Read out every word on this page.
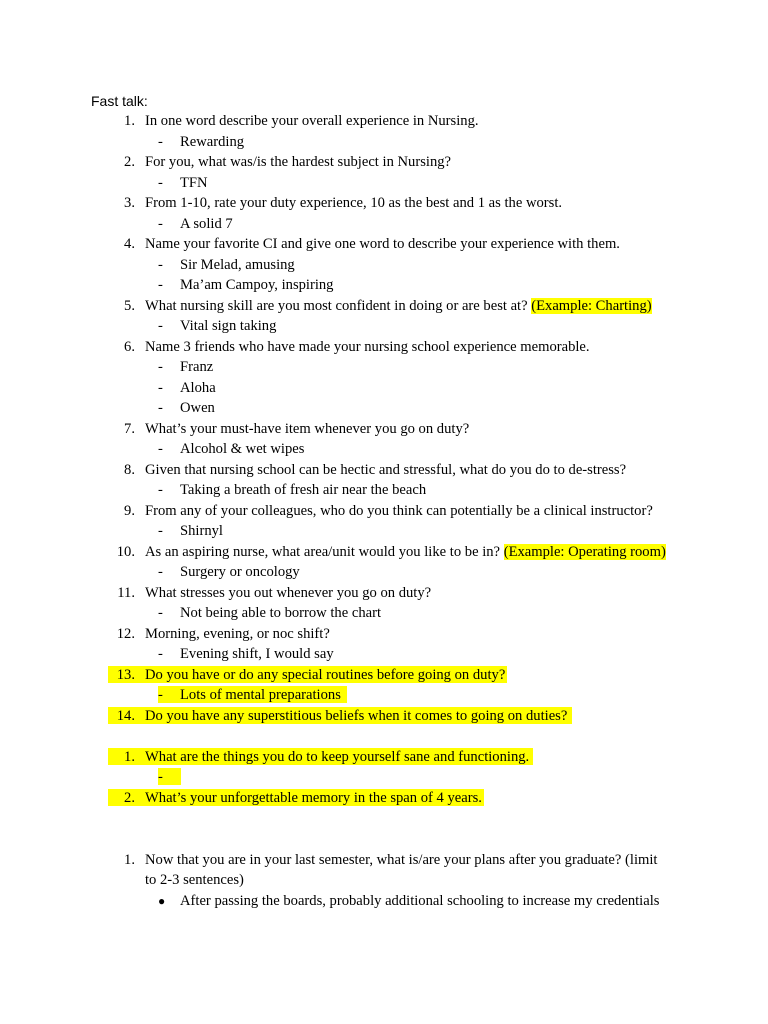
Fast talk:
1. In one word describe your overall experience in Nursing.
- Rewarding
2. For you, what was/is the hardest subject in Nursing?
- TFN
3. From 1-10, rate your duty experience, 10 as the best and 1 as the worst.
- A solid 7
4. Name your favorite CI and give one word to describe your experience with them.
- Sir Melad, amusing
- Ma’am Campoy, inspiring
5. What nursing skill are you most confident in doing or are best at? (Example: Charting)
- Vital sign taking
6. Name 3 friends who have made your nursing school experience memorable.
- Franz
- Aloha
- Owen
7. What’s your must-have item whenever you go on duty?
- Alcohol & wet wipes
8. Given that nursing school can be hectic and stressful, what do you do to de-stress?
- Taking a breath of fresh air near the beach
9. From any of your colleagues, who do you think can potentially be a clinical instructor?
- Shirnyl
10. As an aspiring nurse, what area/unit would you like to be in? (Example: Operating room)
- Surgery or oncology
11. What stresses you out whenever you go on duty?
- Not being able to borrow the chart
12. Morning, evening, or noc shift?
- Evening shift, I would say
13. Do you have or do any special routines before going on duty?
- Lots of mental preparations
14. Do you have any superstitious beliefs when it comes to going on duties?
1. What are the things you do to keep yourself sane and functioning.
-
2. What’s your unforgettable memory in the span of 4 years.
1. Now that you are in your last semester, what is/are your plans after you graduate? (limit
to 2-3 sentences)
● After passing the boards, probably additional schooling to increase my credentials
